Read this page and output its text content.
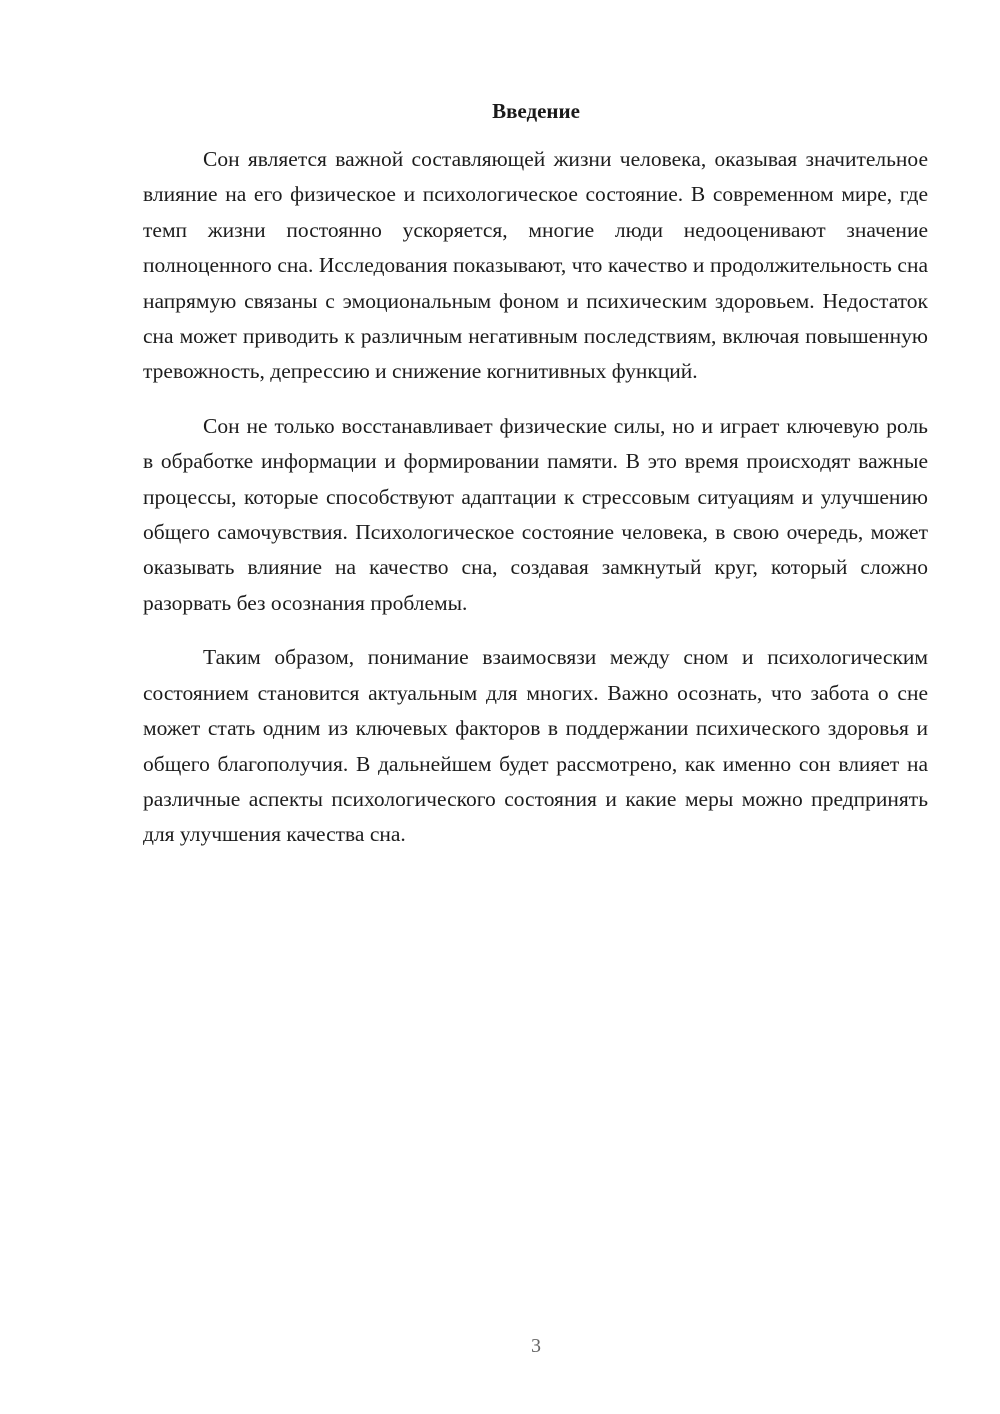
Введение

Сон является важной составляющей жизни человека, оказывая значительное влияние на его физическое и психологическое состояние. В современном мире, где темп жизни постоянно ускоряется, многие люди недооценивают значение полноценного сна. Исследования показывают, что качество и продолжительность сна напрямую связаны с эмоциональным фоном и психическим здоровьем. Недостаток сна может приводить к различным негативным последствиям, включая повышенную тревожность, депрессию и снижение когнитивных функций.

Сон не только восстанавливает физические силы, но и играет ключевую роль в обработке информации и формировании памяти. В это время происходят важные процессы, которые способствуют адаптации к стрессовым ситуациям и улучшению общего самочувствия. Психологическое состояние человека, в свою очередь, может оказывать влияние на качество сна, создавая замкнутый круг, который сложно разорвать без осознания проблемы.

Таким образом, понимание взаимосвязи между сном и психологическим состоянием становится актуальным для многих. Важно осознать, что забота о сне может стать одним из ключевых факторов в поддержании психического здоровья и общего благополучия. В дальнейшем будет рассмотрено, как именно сон влияет на различные аспекты психологического состояния и какие меры можно предпринять для улучшения качества сна.

3
